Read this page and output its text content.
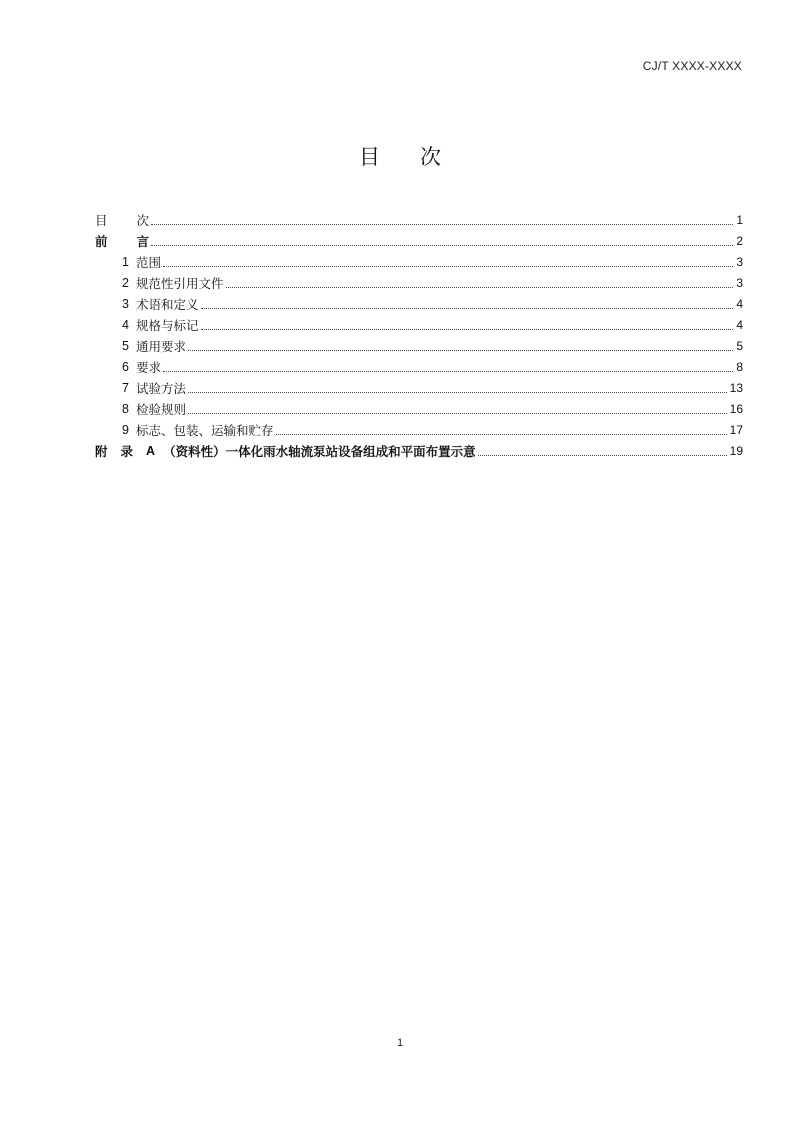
CJ/T XXXX-XXXX
目 次
目 次	1
前 言	2
1 范围	3
2 规范性引用文件	3
3 术语和定义	4
4 规格与标记	4
5 通用要求	5
6 要求	8
7 试验方法	13
8 检验规则	16
9 标志、包装、运输和贮存	17
附 录 A （资料性）一体化雨水轴流泵站设备组成和平面布置示意	19
1
